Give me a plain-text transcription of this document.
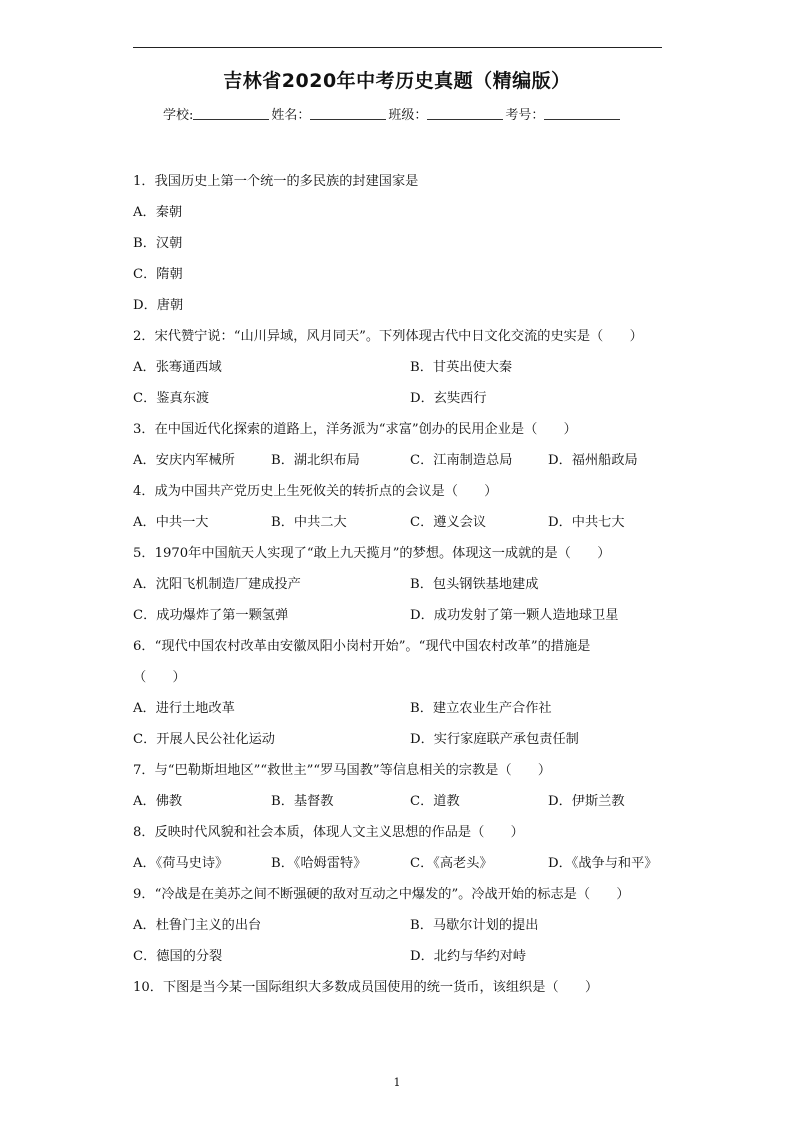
吉林省2020年中考历史真题（精编版）
学校:	姓名：	班级：	考号：
1．我国历史上第一个统一的多民族的封建国家是
A．秦朝
B．汉朝
C．隋朝
D．唐朝
2．宋代赞宁说：“山川异域，风月同天”。下列体现古代中日文化交流的史实是（　　）
A．张骞通西域	B．甘英出使大秦
C．鉴真东渡	D．玄奘西行
3．在中国近代化探索的道路上，洋务派为“求富”创办的民用企业是（　　）
A．安庆内军械所	B．湖北织布局	C．江南制造总局	D．福州船政局
4．成为中国共产党历史上生死攸关的转折点的会议是（　　）
A．中共一大	B．中共二大	C．遵义会议	D．中共七大
5．1970年中国航天人实现了“敢上九天揽月”的梦想。体现这一成就的是（　　）
A．沈阳飞机制造厂建成投产	B．包头钢铁基地建成
C．成功爆炸了第一颗氢弹	D．成功发射了第一颗人造地球卫星
6．“现代中国农村改革由安徽凤阳小岗村开始”。“现代中国农村改革”的措施是
（　　）
A．进行土地改革	B．建立农业生产合作社
C．开展人民公社化运动	D．实行家庭联产承包责任制
7．与“巴勒斯坦地区”“救世主”“罗马国教”等信息相关的宗教是（　　）
A．佛教	B．基督教	C．道教	D．伊斯兰教
8．反映时代风貌和社会本质，体现人文主义思想的作品是（　　）
A．《荷马史诗》	B．《哈姆雷特》	C．《高老头》	D．《战争与和平》
9．“冷战是在美苏之间不断强硬的敌对互动之中爆发的”。冷战开始的标志是（　　）
A．杜鲁门主义的出台	B．马歇尔计划的提出
C．德国的分裂	D．北约与华约对峙
10．下图是当今某一国际组织大多数成员国使用的统一货币，该组织是（　　）
1
